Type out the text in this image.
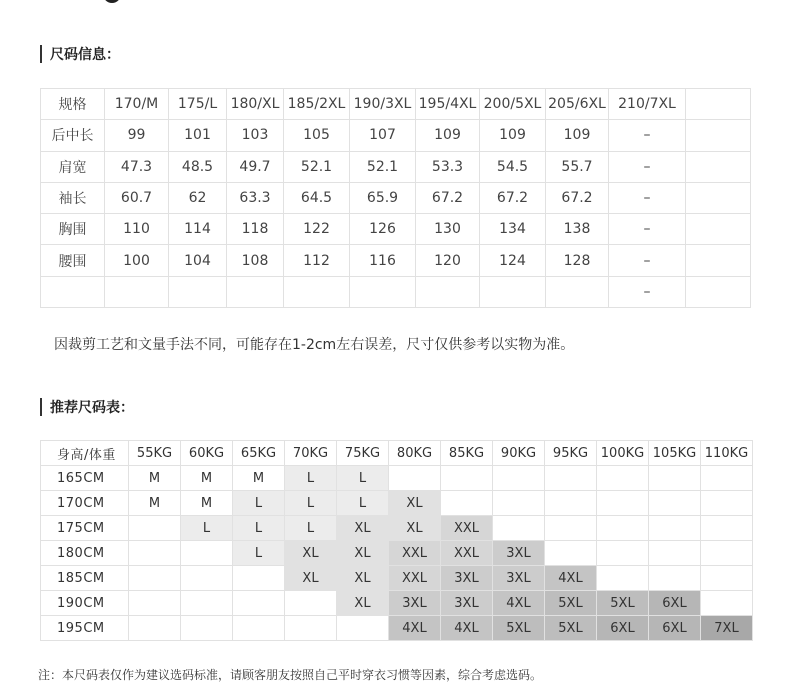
尺码信息：
规格	170/M	175/L	180/XL	185/2XL	190/3XL	195/4XL	200/5XL	205/6XL	210/7XL	
后中长	99	101	103	105	107	109	109	109	–	
肩宽	47.3	48.5	49.7	52.1	52.1	53.3	54.5	55.7	–	
袖长	60.7	62	63.3	64.5	65.9	67.2	67.2	67.2	–	
胸围	110	114	118	122	126	130	134	138	–	
腰围	100	104	108	112	116	120	124	128	–	
									–	
因裁剪工艺和文量手法不同，可能存在1-2cm左右误差，尺寸仅供参考以实物为准。
推荐尺码表：
身高/体重	55KG	60KG	65KG	70KG	75KG	80KG	85KG	90KG	95KG	100KG	105KG	110KG
165CM	M	M	M	L	L							
170CM	M	M	L	L	L	XL						
175CM		L	L	L	XL	XL	XXL					
180CM			L	XL	XL	XXL	XXL	3XL				
185CM				XL	XL	XXL	3XL	3XL	4XL			
190CM					XL	3XL	3XL	4XL	5XL	5XL	6XL	
195CM						4XL	4XL	5XL	5XL	6XL	6XL	7XL
注：本尺码表仅作为建议选码标准，请顾客朋友按照自己平时穿衣习惯等因素，综合考虑选码。
